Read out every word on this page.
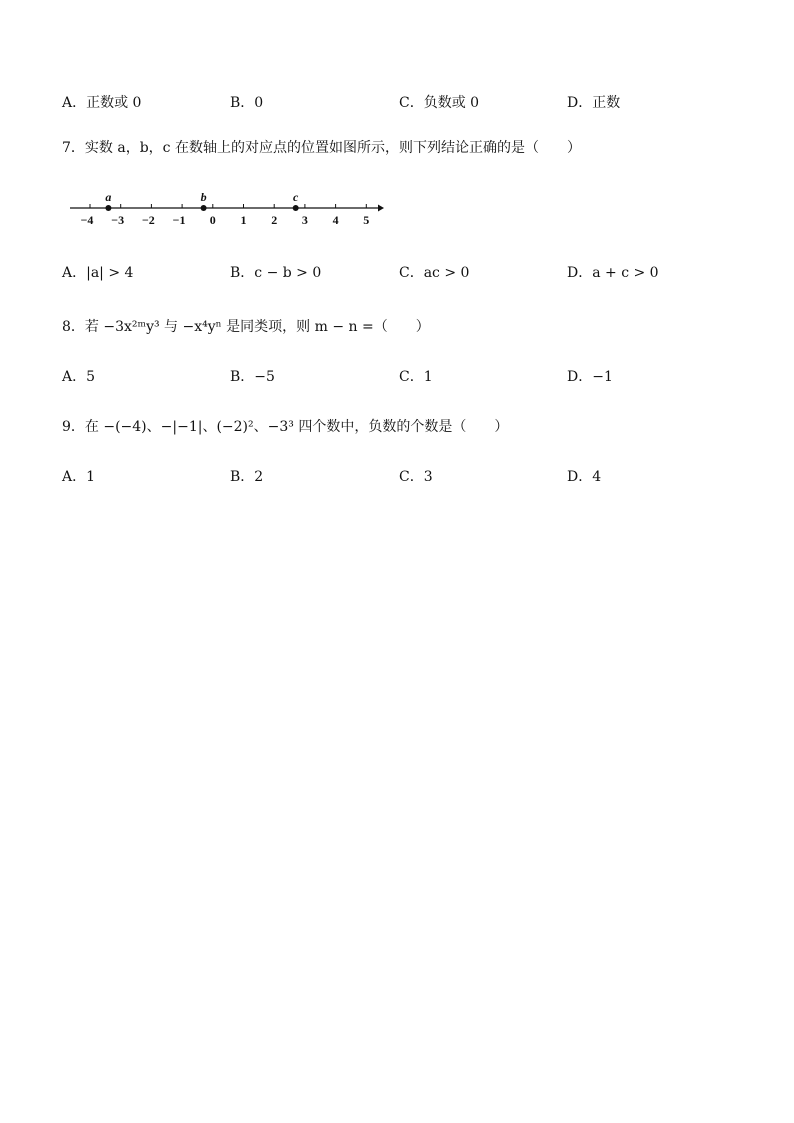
A．正数或 0	B．0	C．负数或 0	D．正数
7．实数 a，b，c 在数轴上的对应点的位置如图所示，则下列结论正确的是（　　）
−4 −3 −2 −1 0 1 2 3 4 5
a	b	c
A．|a| > 4	B．c − b > 0	C．ac > 0	D．a + c > 0
8．若 −3x²ᵐy³ 与 −x⁴yⁿ 是同类项，则 m − n =（　　）
A．5	B．−5	C．1	D．−1
9．在 −(−4)、−|−1|、(−2)²、−3³ 四个数中，负数的个数是（　　）
A．1	B．2	C．3	D．4
